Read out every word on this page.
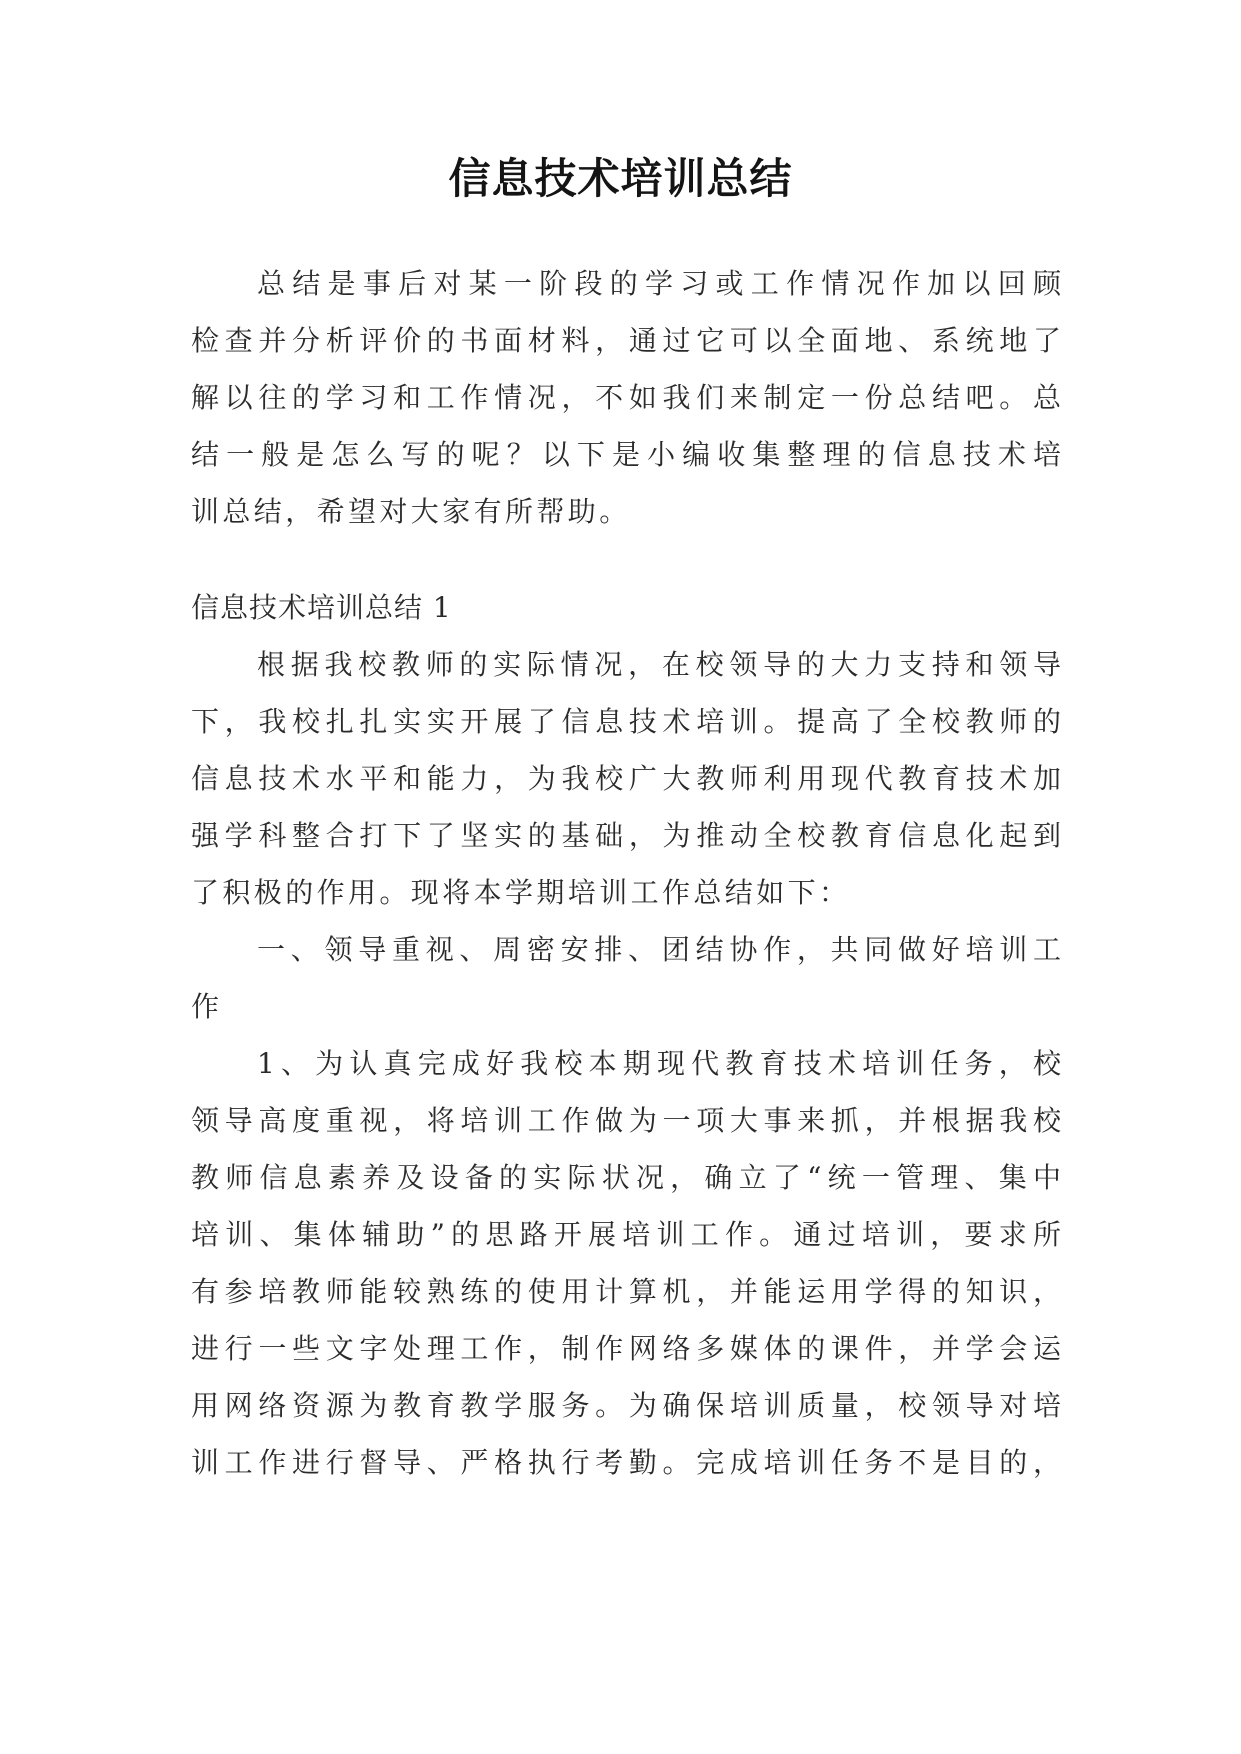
信息技术培训总结
总结是事后对某一阶段的学习或工作情况作加以回顾
检查并分析评价的书面材料，通过它可以全面地、系统地了
解以往的学习和工作情况，不如我们来制定一份总结吧。总
结一般是怎么写的呢？以下是小编收集整理的信息技术培
训总结，希望对大家有所帮助。
信息技术培训总结 1
根据我校教师的实际情况，在校领导的大力支持和领导
下，我校扎扎实实开展了信息技术培训。提高了全校教师的
信息技术水平和能力，为我校广大教师利用现代教育技术加
强学科整合打下了坚实的基础，为推动全校教育信息化起到
了积极的作用。现将本学期培训工作总结如下：
一、领导重视、周密安排、团结协作，共同做好培训工
作
1、为认真完成好我校本期现代教育技术培训任务，校
领导高度重视，将培训工作做为一项大事来抓，并根据我校
教师信息素养及设备的实际状况，确立了“统一管理、集中
培训、集体辅助”的思路开展培训工作。通过培训，要求所
有参培教师能较熟练的使用计算机，并能运用学得的知识，
进行一些文字处理工作，制作网络多媒体的课件，并学会运
用网络资源为教育教学服务。为确保培训质量，校领导对培
训工作进行督导、严格执行考勤。完成培训任务不是目的，
